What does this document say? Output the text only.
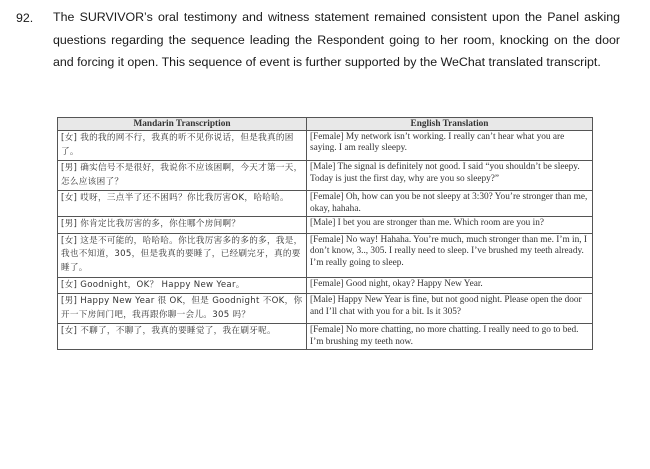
92. The SURVIVOR’s oral testimony and witness statement remained consistent upon the Panel asking questions regarding the sequence leading the Respondent going to her room, knocking on the door and forcing it open. This sequence of event is further supported by the WeChat translated transcript.
Mandarin Transcription	English Translation
[女] 我的我的网不行，我真的听不见你说话，但是我真的困了。	[Female] My network isn’t working. I really can’t hear what you are saying. I am really sleepy.
[男] 确实信号不是很好，我说你不应该困啊，今天才第一天，怎么应该困了？	[Male] The signal is definitely not good. I said “you shouldn’t be sleepy. Today is just the first day, why are you so sleepy?”
[女] 哎呀，三点半了还不困吗？你比我厉害OK，哈哈哈。	[Female] Oh, how can you be not sleepy at 3:30? You’re stronger than me, okay, hahaha.
[男] 你肯定比我厉害的多，你住哪个房间啊？	[Male] I bet you are stronger than me. Which room are you in?
[女] 这是不可能的，哈哈哈。你比我厉害多的多的多，我是，我也不知道，305，但是我真的要睡了，已经刷完牙，真的要睡了。	[Female] No way! Hahaha. You’re much, much stronger than me. I’m in, I don’t know, 3.., 305. I really need to sleep. I’ve brushed my teeth already. I’m really going to sleep.
[女] Goodnight，OK？ Happy New Year。	[Female] Good night, okay? Happy New Year.
[男] Happy New Year 很 OK，但是 Goodnight 不OK，你开一下房间门吧，我再跟你聊一会儿。305 吗？	[Male] Happy New Year is fine, but not good night. Please open the door and I’ll chat with you for a bit. Is it 305?
[女] 不聊了，不聊了，我真的要睡觉了，我在刷牙呢。	[Female] No more chatting, no more chatting. I really need to go to bed. I’m brushing my teeth now.
